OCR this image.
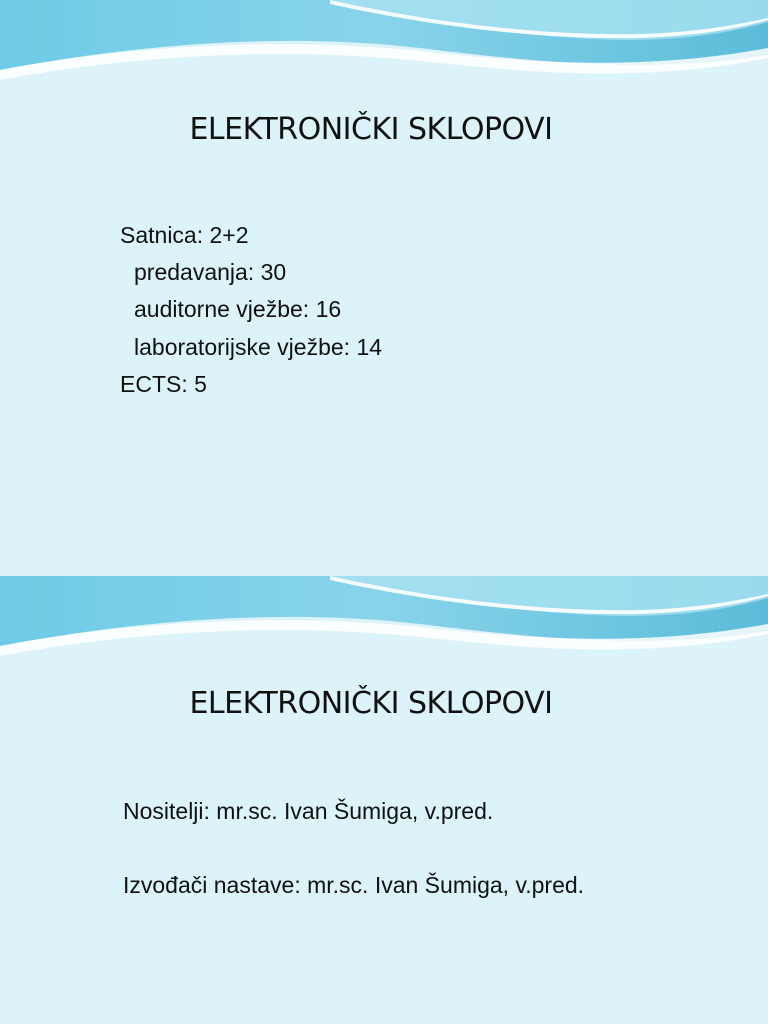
ELEKTRONIČKI SKLOPOVI
Satnica: 2+2
predavanja: 30
auditorne vježbe: 16
laboratorijske vježbe: 14
ECTS: 5
ELEKTRONIČKI SKLOPOVI
Nositelji: mr.sc. Ivan Šumiga, v.pred.
Izvođači nastave: mr.sc. Ivan Šumiga, v.pred.
